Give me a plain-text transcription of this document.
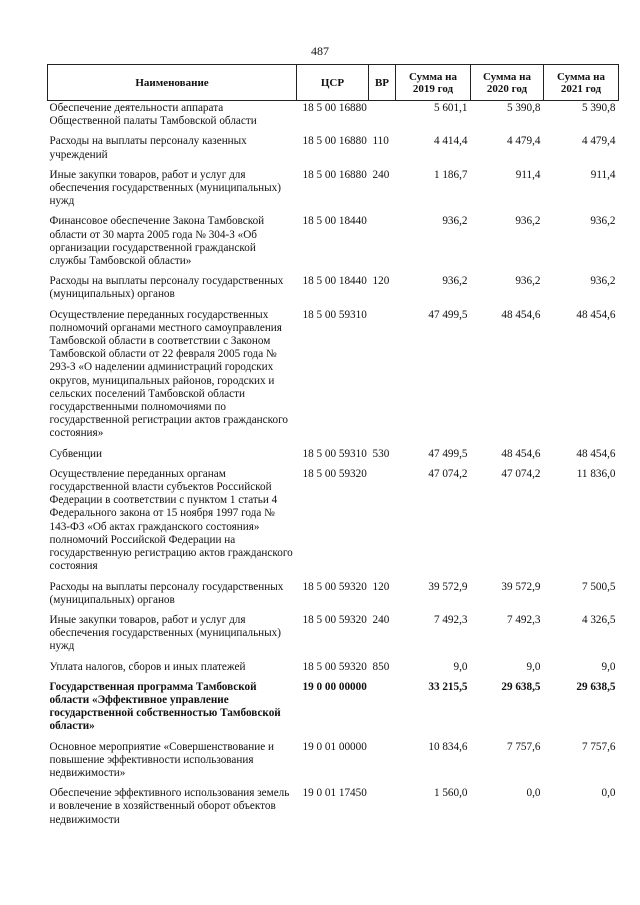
487
Наименование	ЦСР	ВР	Сумма на 2019 год	Сумма на 2020 год	Сумма на 2021 год
Обеспечение деятельности аппарата Общественной палаты Тамбовской области	18 5 00 16880		5 601,1	5 390,8	5 390,8
Расходы на выплаты персоналу казенных учреждений	18 5 00 16880	110	4 414,4	4 479,4	4 479,4
Иные закупки товаров, работ и услуг для обеспечения государственных (муниципальных) нужд	18 5 00 16880	240	1 186,7	911,4	911,4
Финансовое обеспечение Закона Тамбовской области от 30 марта 2005 года № 304-З «Об организации государственной гражданской службы Тамбовской области»	18 5 00 18440		936,2	936,2	936,2
Расходы на выплаты персоналу государственных (муниципальных) органов	18 5 00 18440	120	936,2	936,2	936,2
Осуществление переданных государственных полномочий органами местного самоуправления Тамбовской области в соответствии с Законом Тамбовской области от 22 февраля 2005 года № 293-З «О наделении администраций городских округов, муниципальных районов, городских и сельских поселений Тамбовской области государственными полномочиями по государственной регистрации актов гражданского состояния»	18 5 00 59310		47 499,5	48 454,6	48 454,6
Субвенции	18 5 00 59310	530	47 499,5	48 454,6	48 454,6
Осуществление переданных органам государственной власти субъектов Российской Федерации в соответствии с пунктом 1 статьи 4 Федерального закона от 15 ноября 1997 года № 143-ФЗ «Об актах гражданского состояния» полномочий Российской Федерации на государственную регистрацию актов гражданского состояния	18 5 00 59320		47 074,2	47 074,2	11 836,0
Расходы на выплаты персоналу государственных (муниципальных) органов	18 5 00 59320	120	39 572,9	39 572,9	7 500,5
Иные закупки товаров, работ и услуг для обеспечения государственных (муниципальных) нужд	18 5 00 59320	240	7 492,3	7 492,3	4 326,5
Уплата налогов, сборов и иных платежей	18 5 00 59320	850	9,0	9,0	9,0
Государственная программа Тамбовской области «Эффективное управление государственной собственностью Тамбовской области»	19 0 00 00000		33 215,5	29 638,5	29 638,5
Основное мероприятие «Совершенствование и повышение эффективности использования недвижимости»	19 0 01 00000		10 834,6	7 757,6	7 757,6
Обеспечение эффективного использования земель и вовлечение в хозяйственный оборот объектов недвижимости	19 0 01 17450		1 560,0	0,0	0,0
